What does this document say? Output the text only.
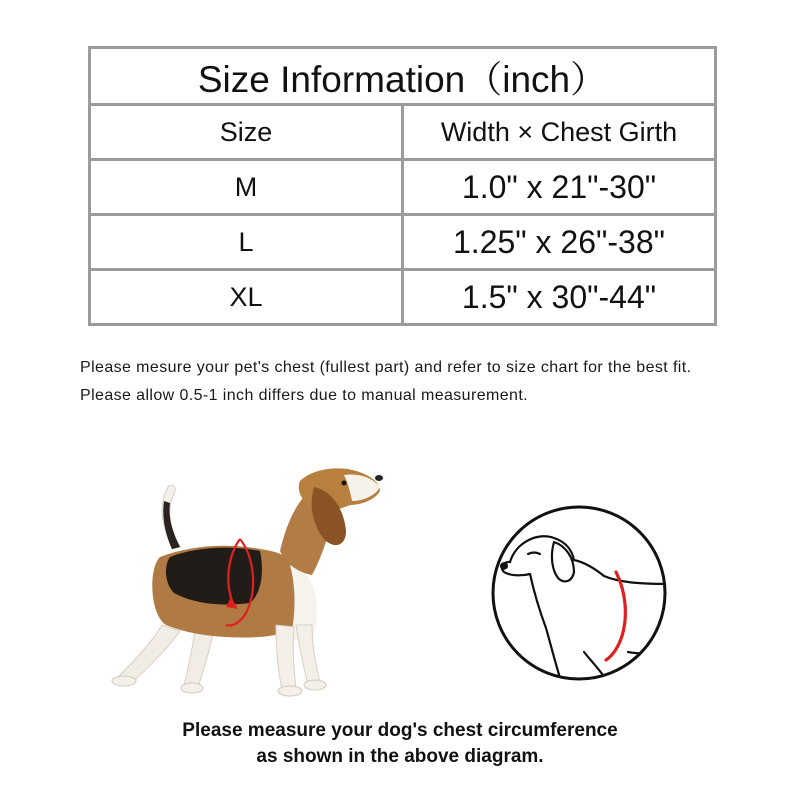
Size Information（inch）	
Size	Width × Chest Girth
M	1.0" x 21"-30"
L	1.25" x 26"-38"
XL	1.5" x 30"-44"
Please mesure your pet's chest (fullest part) and refer to size chart for the best fit.
Please allow 0.5-1 inch differs due to manual measurement.
Please measure your dog's chest circumference
as shown in the above diagram.
